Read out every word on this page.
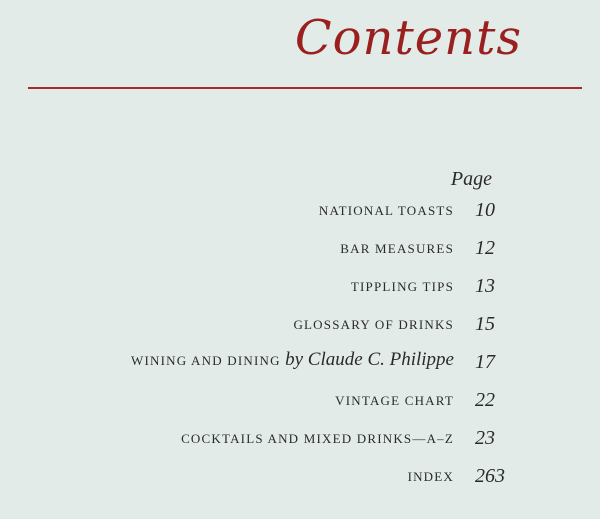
Contents
Page
NATIONAL TOASTS 10
BAR MEASURES 12
TIPPLING TIPS 13
GLOSSARY OF DRINKS 15
WINING AND DINING by Claude C. Philippe 17
VINTAGE CHART 22
COCKTAILS AND MIXED DRINKS—A–Z 23
INDEX 263
